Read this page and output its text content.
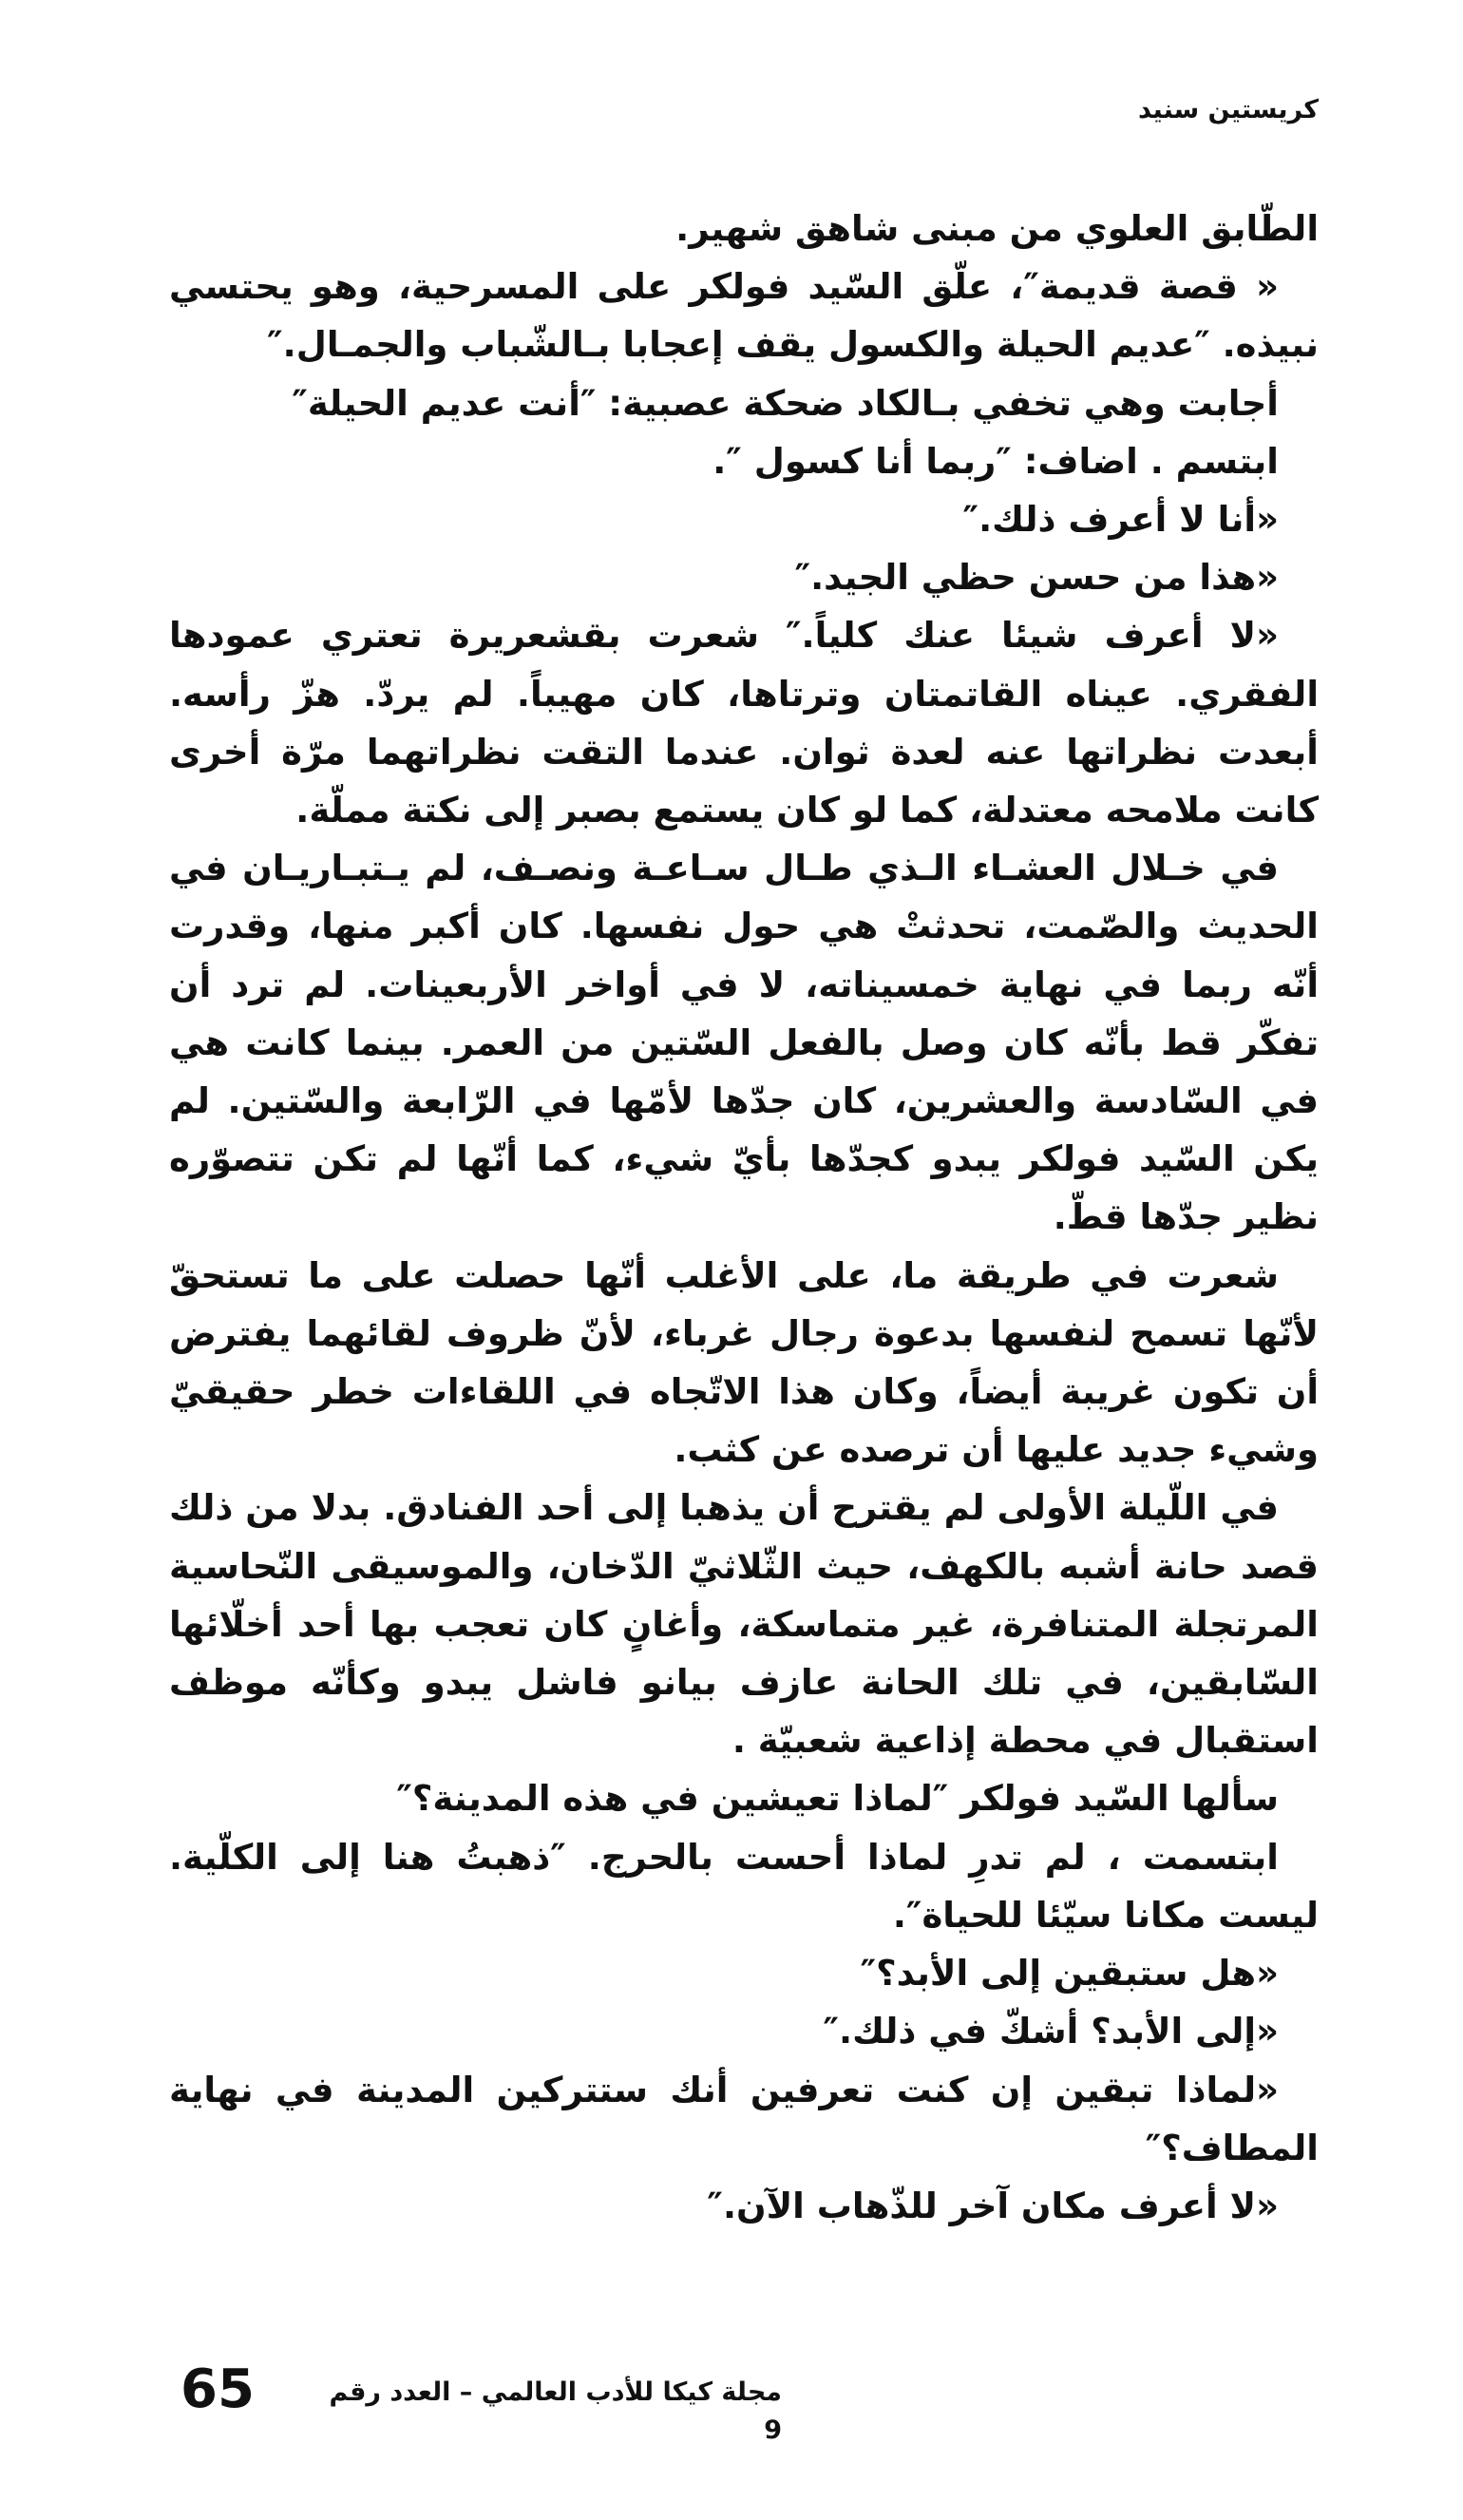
كريستين سنيد

الطّابق العلوي من مبنى شاهق شهير.

« قصة قديمة″، علّق السّيد فولكر على المسرحية، وهو يحتسي نبيذه. ″عديم الحيلة والكسول يقف إعجابا بـالشّباب والجمـال.″

أجابت وهي تخفي بـالكاد ضحكة عصبية: ″أنت عديم الحيلة″

ابتسم . اضاف: ″ربما أنا كسول ″.

«أنا لا أعرف ذلك.″

«هذا من حسن حظي الجيد.″

«لا أعرف شيئا عنك كلياً.″ شعرت بقشعريرة تعتري عمودها الفقري. عيناه القاتمتان وترتاها، كان مهيباً. لم يردّ. هزّ رأسه. أبعدت نظراتها عنه لعدة ثوان. عندما التقت نظراتهما مرّة أخرى كانت ملامحه معتدلة، كما لو كان يستمع بصبر إلى نكتة مملّة.

في خـلال العشـاء الـذي طـال سـاعـة ونصـف، لم يـتبـاريـان في الحديث والصّمت، تحدثتْ هي حول نفسها. كان أكبر منها، وقدرت أنّه ربما في نهاية خمسيناته، لا في أواخر الأربعينات. لم ترد أن تفكّر قط بأنّه كان وصل بالفعل السّتين من العمر. بينما كانت هي في السّادسة والعشرين، كان جدّها لأمّها في الرّابعة والسّتين. لم يكن السّيد فولكر يبدو كجدّها بأيّ شيء، كما أنّها لم تكن تتصوّره نظير جدّها قطّ.

شعرت في طريقة ما، على الأغلب أنّها حصلت على ما تستحقّ لأنّها تسمح لنفسها بدعوة رجال غرباء، لأنّ ظروف لقائهما يفترض أن تكون غريبة أيضاً، وكان هذا الاتّجاه في اللقاءات خطر حقيقيّ وشيء جديد عليها أن ترصده عن كثب.

في اللّيلة الأولى لم يقترح أن يذهبا إلى أحد الفنادق. بدلا من ذلك قصد حانة أشبه بالكهف، حيث الثّلاثيّ الدّخان، والموسيقى النّحاسية المرتجلة المتنافرة، غير متماسكة، وأغانٍ كان تعجب بها أحد أخلّائها السّابقين، في تلك الحانة عازف بيانو فاشل يبدو وكأنّه موظف استقبال في محطة إذاعية شعبيّة .

سألها السّيد فولكر ″لماذا تعيشين في هذه المدينة؟″

ابتسمت ، لم تدرِ لماذا أحست بالحرج. ″ذهبتُ هنا إلى الكلّية. ليست مكانا سيّئا للحياة″.

«هل ستبقين إلى الأبد؟″

«إلى الأبد؟ أشكّ في ذلك.″

«لماذا تبقين إن كنت تعرفين أنك ستتركين المدينة في نهاية المطاف؟″

«لا أعرف مكان آخر للذّهاب الآن.″

65	مجلة كيكا للأدب العالمي – العدد رقم 9
